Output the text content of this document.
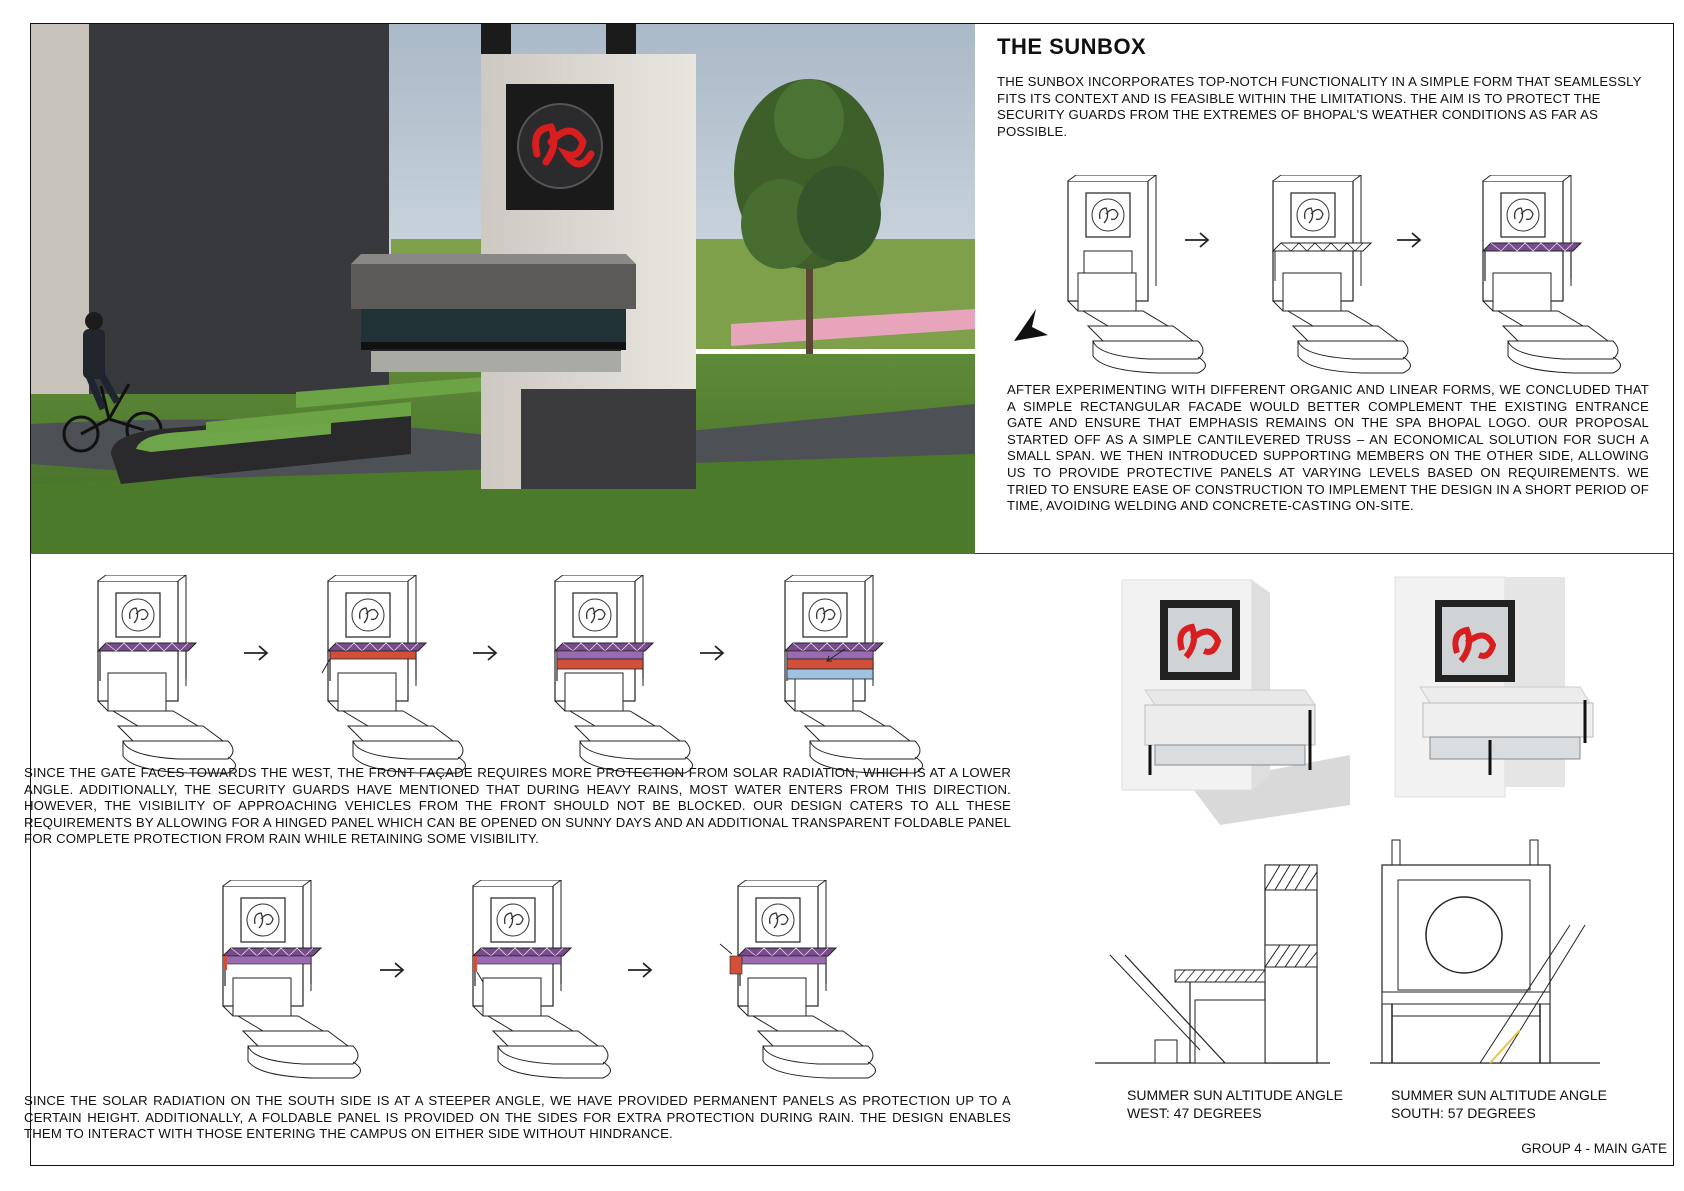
THE SUNBOX

THE SUNBOX INCORPORATES TOP-NOTCH FUNCTIONALITY IN A SIMPLE FORM THAT SEAMLESSLY FITS ITS CONTEXT AND IS FEASIBLE WITHIN THE LIMITATIONS. THE AIM IS TO PROTECT THE SECURITY GUARDS FROM THE EXTREMES OF BHOPAL'S WEATHER CONDITIONS AS FAR AS POSSIBLE.

AFTER EXPERIMENTING WITH DIFFERENT ORGANIC AND LINEAR FORMS, WE CONCLUDED THAT A SIMPLE RECTANGULAR FACADE WOULD BETTER COMPLEMENT THE EXISTING ENTRANCE GATE AND ENSURE THAT EMPHASIS REMAINS ON THE SPA BHOPAL LOGO. OUR PROPOSAL STARTED OFF AS A SIMPLE CANTILEVERED TRUSS – AN ECONOMICAL SOLUTION FOR SUCH A SMALL SPAN. WE THEN INTRODUCED SUPPORTING MEMBERS ON THE OTHER SIDE, ALLOWING US TO PROVIDE PROTECTIVE PANELS AT VARYING LEVELS BASED ON REQUIREMENTS. WE TRIED TO ENSURE EASE OF CONSTRUCTION TO IMPLEMENT THE DESIGN IN A SHORT PERIOD OF TIME, AVOIDING WELDING AND CONCRETE-CASTING ON-SITE.

SINCE THE GATE FACES TOWARDS THE WEST, THE FRONT FAÇADE REQUIRES MORE PROTECTION FROM SOLAR RADIATION, WHICH IS AT A LOWER ANGLE. ADDITIONALLY, THE SECURITY GUARDS HAVE MENTIONED THAT DURING HEAVY RAINS, MOST WATER ENTERS FROM THIS DIRECTION. HOWEVER, THE VISIBILITY OF APPROACHING VEHICLES FROM THE FRONT SHOULD NOT BE BLOCKED. OUR DESIGN CATERS TO ALL THESE REQUIREMENTS BY ALLOWING FOR A HINGED PANEL WHICH CAN BE OPENED ON SUNNY DAYS AND AN ADDITIONAL TRANSPARENT FOLDABLE PANEL FOR COMPLETE PROTECTION FROM RAIN WHILE RETAINING SOME VISIBILITY.

SINCE THE SOLAR RADIATION ON THE SOUTH SIDE IS AT A STEEPER ANGLE, WE HAVE PROVIDED PERMANENT PANELS AS PROTECTION UP TO A CERTAIN HEIGHT. ADDITIONALLY, A FOLDABLE PANEL IS PROVIDED ON THE SIDES FOR EXTRA PROTECTION DURING RAIN. THE DESIGN ENABLES THEM TO INTERACT WITH THOSE ENTERING THE CAMPUS ON EITHER SIDE WITHOUT HINDRANCE.

SUMMER SUN ALTITUDE ANGLE
WEST: 47 DEGREES
SUMMER SUN ALTITUDE ANGLE
SOUTH: 57 DEGREES

GROUP 4 - MAIN GATE
